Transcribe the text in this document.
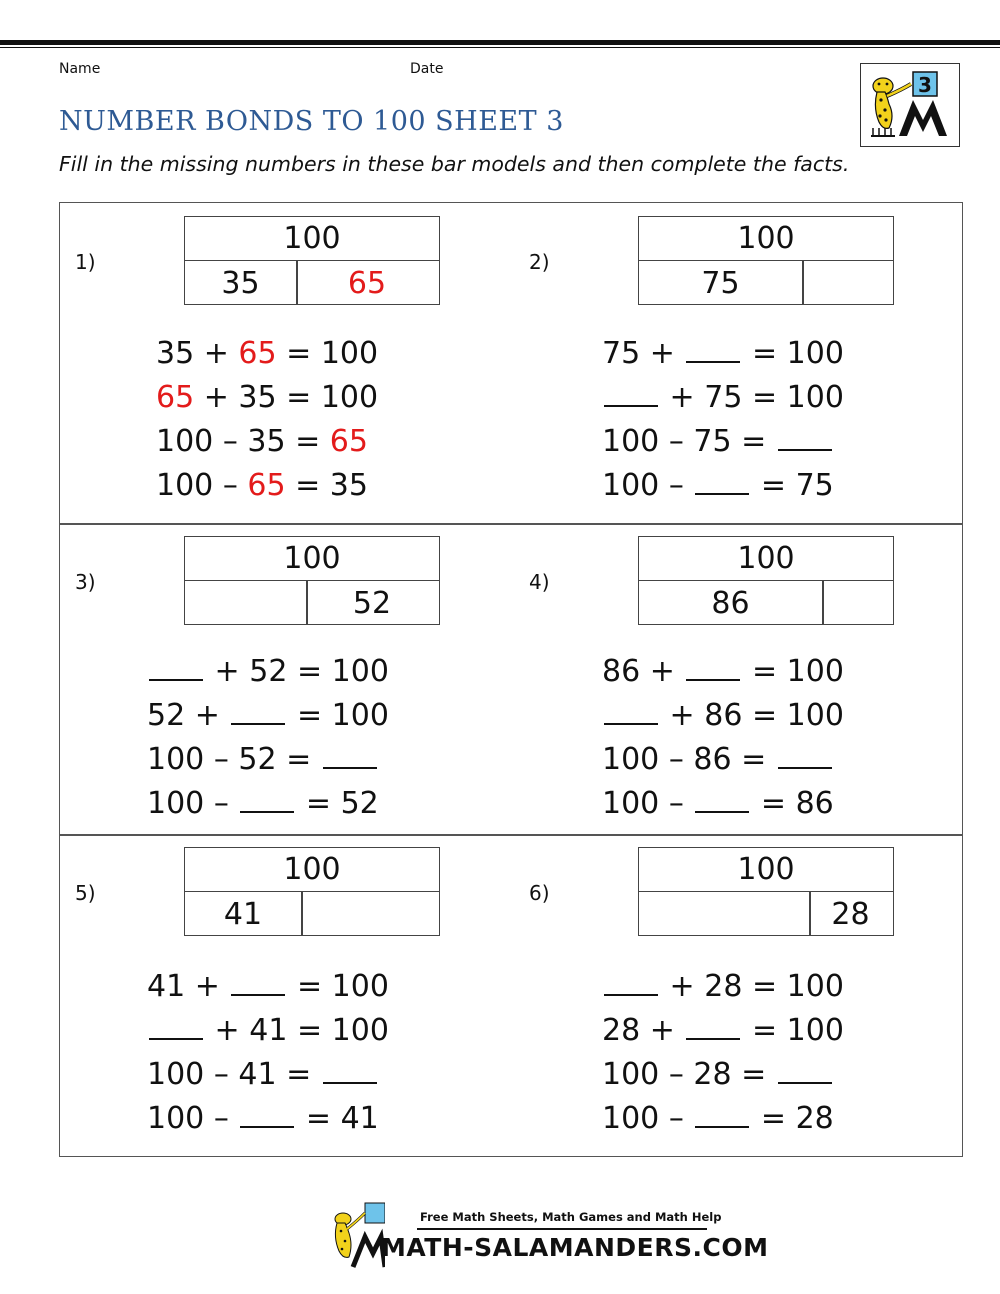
Name	Date
NUMBER BONDS TO 100 SHEET 3
3
Fill in the missing numbers in these bar models and then complete the facts.
1)
100
35	65
35 + 65 = 100
65 + 35 = 100
100 – 35 = 65
100 – 65 = 35
2)
100
75
75 +	= 100
+ 75 = 100
100 – 75 =
100 –	= 75
3)
100
52
+ 52 = 100
52 +	= 100
100 – 52 =
100 –	= 52
4)
100
86
86 +	= 100
+ 86 = 100
100 – 86 =
100 –	= 86
5)
100
41
41 +	= 100
+ 41 = 100
100 – 41 =
100 –	= 41
6)
100
28
+ 28 = 100
28 +	= 100
100 – 28 =
100 –	= 28
Free Math Sheets, Math Games and Math Help
MATH-SALAMANDERS.COM
